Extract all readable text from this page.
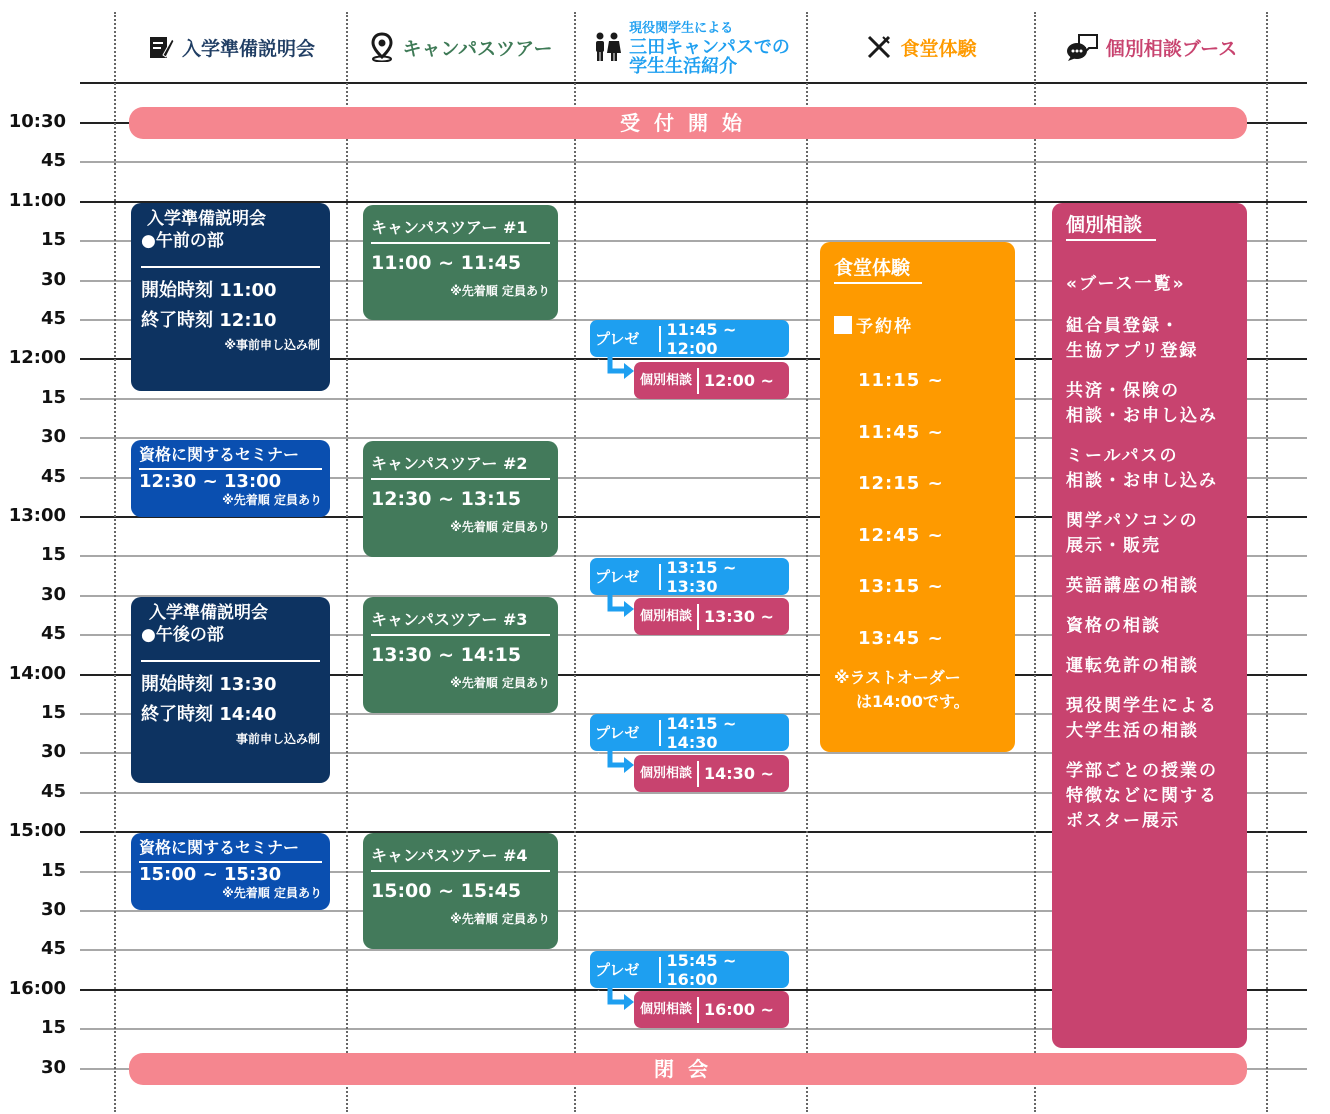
入学準備説明会	キャンパスツアー
現役関学生による
三田キャンパスでの
学生生活紹介
食堂体験	個別相談ブース
10:30
45
11:00
15
30
45
12:00
15
30
45
13:00
15
30
45
14:00
15
30
45
15:00
15
30
45
16:00
15
30
受付開始
閉会
入学準備説明会
●午前の部
開始時刻 11:00
終了時刻 12:10
※事前申し込み制
入学準備説明会
●午後の部
開始時刻 13:30
終了時刻 14:40
事前申し込み制
資格に関するセミナー
12:30 ~ 13:00
※先着順 定員あり
資格に関するセミナー
15:00 ~ 15:30
※先着順 定員あり
キャンパスツアー #1
11:00 ~ 11:45
※先着順 定員あり
キャンパスツアー #2
12:30 ~ 13:15
※先着順 定員あり
キャンパスツアー #3
13:30 ~ 14:15
※先着順 定員あり
キャンパスツアー #4
15:00 ~ 15:45
※先着順 定員あり
プレゼン
11:45 ~ 12:00
個別相談 12:00 ~
プレゼン
13:15 ~ 13:30
個別相談 13:30 ~
プレゼン
14:15 ~ 14:30
個別相談 14:30 ~
プレゼン
15:45 ~ 16:00
個別相談 16:00 ~
食堂体験
予約枠
11:15 ~
11:45 ~
12:15 ~
12:45 ~
13:15 ~
13:45 ~
※ラストオーダー
は14:00です。
個別相談
«ブース一覧»
組合員登録・
生協アプリ登録
共済・保険の
相談・お申し込み
ミールパスの
相談・お申し込み
関学パソコンの
展示・販売
英語講座の相談
資格の相談
運転免許の相談
現役関学生による
大学生活の相談
学部ごとの授業の
特徴などに関する
ポスター展示
